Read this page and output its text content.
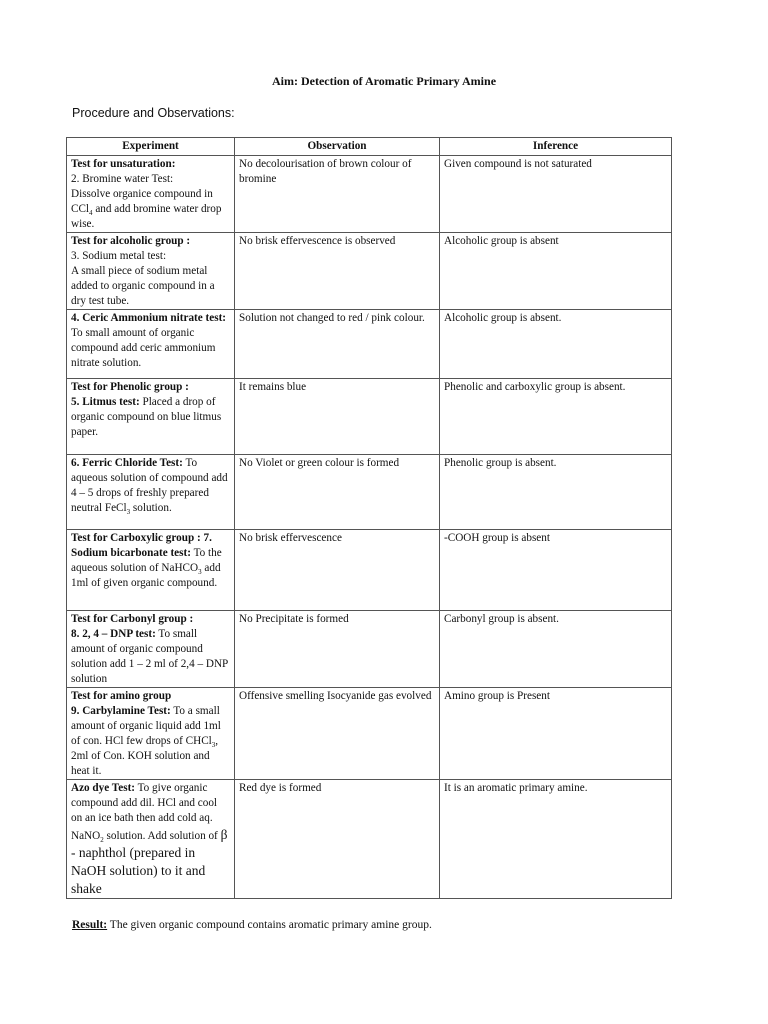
Aim: Detection of Aromatic Primary Amine
Procedure and Observations:
Experiment	Observation	Inference
Test for unsaturation:
2. Bromine water Test:
Dissolve organice compound in CCl$_4$ and add bromine water drop wise.	No decolourisation of brown colour of bromine	Given compound is not saturated
Test for alcoholic group :
3. Sodium metal test:
A small piece of sodium metal added to organic compound in a dry test tube.	No brisk effervescence is observed	Alcoholic group is absent
4. Ceric Ammonium nitrate test: To small amount of organic compound add ceric ammonium nitrate solution.	Solution not changed to red / pink colour.	Alcoholic group is absent.
Test for Phenolic group :
5. Litmus test: Placed a drop of organic compound on blue litmus paper.	It remains blue	Phenolic and carboxylic group is absent.
6. Ferric Chloride Test: To aqueous solution of compound add 4 – 5 drops of freshly prepared neutral FeCl$_3$ solution.	No Violet or green colour is formed	Phenolic group is absent.
Test for Carboxylic group : 7. Sodium bicarbonate test: To the aqueous solution of NaHCO$_3$ add 1ml of given organic compound.	No brisk effervescence	-COOH group is absent
Test for Carbonyl group :
8. 2, 4 – DNP test: To small amount of organic compound solution add 1 – 2 ml of 2,4 – DNP solution	No Precipitate is formed	Carbonyl group is absent.
Test for amino group
9. Carbylamine Test: To a small amount of organic liquid add 1ml of con. HCl few drops of CHCl$_3$, 2ml of Con. KOH solution and heat it.	Offensive smelling Isocyanide gas evolved	Amino group is Present
Azo dye Test: To give organic compound add dil. HCl and cool on an ice bath then add cold aq. NaNO$_2$ solution. Add solution of β - naphthol (prepared in NaOH solution) to it and shake	Red dye is formed	It is an aromatic primary amine.
Result: The given organic compound contains aromatic primary amine group.
